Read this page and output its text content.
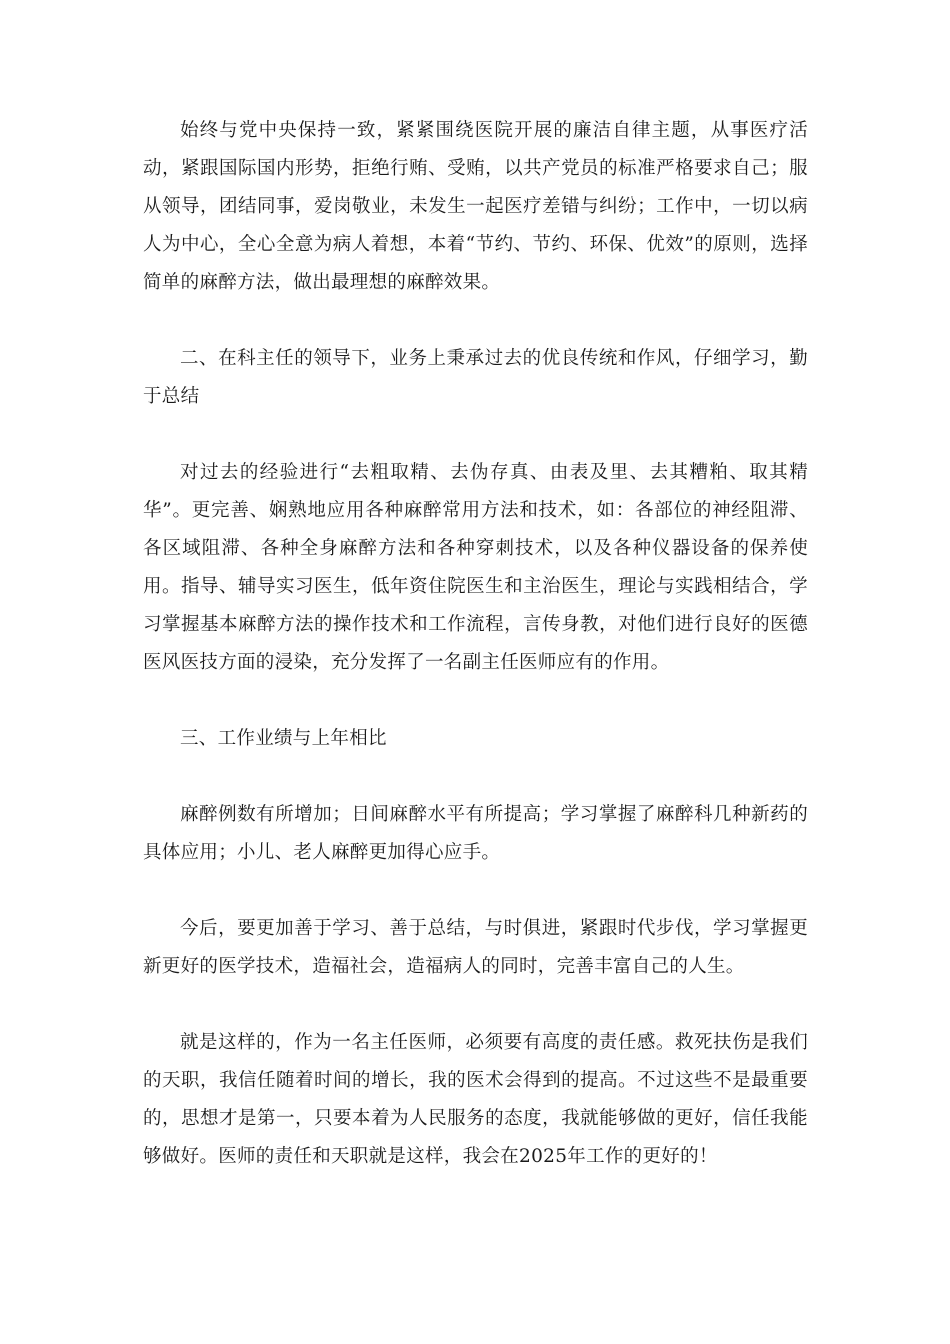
始终与党中央保持一致，紧紧围绕医院开展的廉洁自律主题，从事医疗活动，紧跟国际国内形势，拒绝行贿、受贿，以共产党员的标准严格要求自己；服从领导，团结同事，爱岗敬业，未发生一起医疗差错与纠纷；工作中，一切以病人为中心，全心全意为病人着想，本着“节约、节约、环保、优效”的原则，选择简单的麻醉方法，做出最理想的麻醉效果。

二、在科主任的领导下，业务上秉承过去的优良传统和作风，仔细学习，勤于总结

对过去的经验进行“去粗取精、去伪存真、由表及里、去其糟粕、取其精华”。更完善、娴熟地应用各种麻醉常用方法和技术，如：各部位的神经阻滞、各区域阻滞、各种全身麻醉方法和各种穿刺技术，以及各种仪器设备的保养使用。指导、辅导实习医生，低年资住院医生和主治医生，理论与实践相结合，学习掌握基本麻醉方法的操作技术和工作流程，言传身教，对他们进行良好的医德医风医技方面的浸染，充分发挥了一名副主任医师应有的作用。

三、工作业绩与上年相比

麻醉例数有所增加；日间麻醉水平有所提高；学习掌握了麻醉科几种新药的具体应用；小儿、老人麻醉更加得心应手。

今后，要更加善于学习、善于总结，与时俱进，紧跟时代步伐，学习掌握更新更好的医学技术，造福社会，造福病人的同时，完善丰富自己的人生。

就是这样的，作为一名主任医师，必须要有高度的责任感。救死扶伤是我们的天职，我信任随着时间的增长，我的医术会得到的提高。不过这些不是最重要的，思想才是第一，只要本着为人民服务的态度，我就能够做的更好，信任我能够做好。医师的责任和天职就是这样，我会在2025年工作的更好的！
